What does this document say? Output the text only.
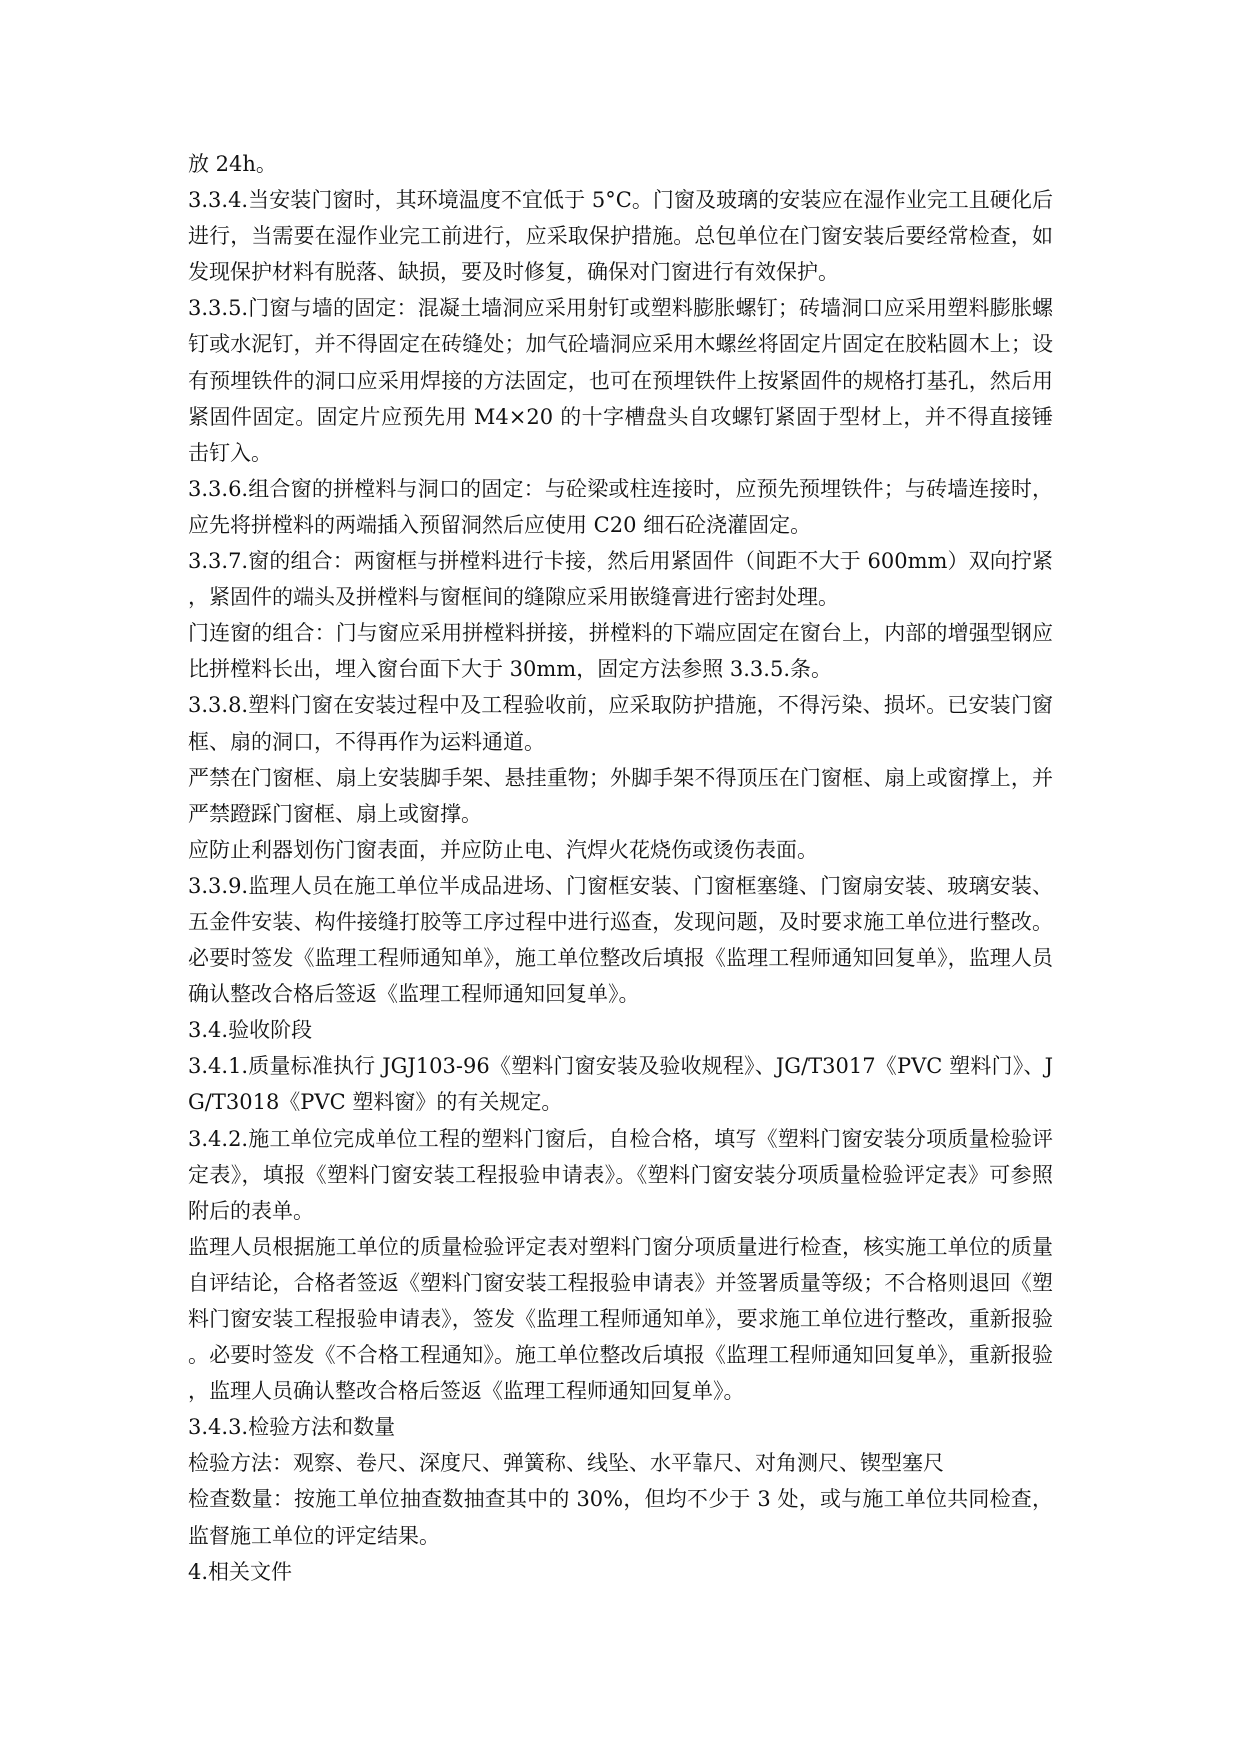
放 24h。

3.3.4.当安装门窗时，其环境温度不宜低于 5°C。门窗及玻璃的安装应在湿作业完工且硬化后进行，当需要在湿作业完工前进行，应采取保护措施。总包单位在门窗安装后要经常检查，如发现保护材料有脱落、缺损，要及时修复，确保对门窗进行有效保护。

3.3.5.门窗与墙的固定：混凝土墙洞应采用射钉或塑料膨胀螺钉；砖墙洞口应采用塑料膨胀螺钉或水泥钉，并不得固定在砖缝处；加气砼墙洞应采用木螺丝将固定片固定在胶粘圆木上；设有预埋铁件的洞口应采用焊接的方法固定，也可在预埋铁件上按紧固件的规格打基孔，然后用紧固件固定。固定片应预先用 M4×20 的十字槽盘头自攻螺钉紧固于型材上，并不得直接锤击钉入。

3.3.6.组合窗的拼樘料与洞口的固定：与砼梁或柱连接时，应预先预埋铁件；与砖墙连接时，应先将拼樘料的两端插入预留洞然后应使用 C20 细石砼浇灌固定。

3.3.7.窗的组合：两窗框与拼樘料进行卡接，然后用紧固件（间距不大于 600mm）双向拧紧，紧固件的端头及拼樘料与窗框间的缝隙应采用嵌缝膏进行密封处理。

门连窗的组合：门与窗应采用拼樘料拼接，拼樘料的下端应固定在窗台上，内部的增强型钢应比拼樘料长出，埋入窗台面下大于 30mm，固定方法参照 3.3.5.条。

3.3.8.塑料门窗在安装过程中及工程验收前，应采取防护措施，不得污染、损坏。已安装门窗框、扇的洞口，不得再作为运料通道。

严禁在门窗框、扇上安装脚手架、悬挂重物；外脚手架不得顶压在门窗框、扇上或窗撑上，并严禁蹬踩门窗框、扇上或窗撑。

应防止利器划伤门窗表面，并应防止电、汽焊火花烧伤或烫伤表面。

3.3.9.监理人员在施工单位半成品进场、门窗框安装、门窗框塞缝、门窗扇安装、玻璃安装、五金件安装、构件接缝打胶等工序过程中进行巡查，发现问题，及时要求施工单位进行整改。必要时签发《监理工程师通知单》，施工单位整改后填报《监理工程师通知回复单》，监理人员确认整改合格后签返《监理工程师通知回复单》。

3.4.验收阶段

3.4.1.质量标准执行 JGJ103-96《塑料门窗安装及验收规程》、JG/T3017《PVC 塑料门》、JG/T3018《PVC 塑料窗》的有关规定。

3.4.2.施工单位完成单位工程的塑料门窗后，自检合格，填写《塑料门窗安装分项质量检验评定表》，填报《塑料门窗安装工程报验申请表》。《塑料门窗安装分项质量检验评定表》可参照附后的表单。

监理人员根据施工单位的质量检验评定表对塑料门窗分项质量进行检查，核实施工单位的质量自评结论，合格者签返《塑料门窗安装工程报验申请表》并签署质量等级；不合格则退回《塑料门窗安装工程报验申请表》，签发《监理工程师通知单》，要求施工单位进行整改，重新报验。必要时签发《不合格工程通知》。施工单位整改后填报《监理工程师通知回复单》，重新报验，监理人员确认整改合格后签返《监理工程师通知回复单》。

3.4.3.检验方法和数量

检验方法：观察、卷尺、深度尺、弹簧称、线坠、水平靠尺、对角测尺、锲型塞尺

检查数量：按施工单位抽查数抽查其中的 30%，但均不少于 3 处，或与施工单位共同检查，监督施工单位的评定结果。

4.相关文件
